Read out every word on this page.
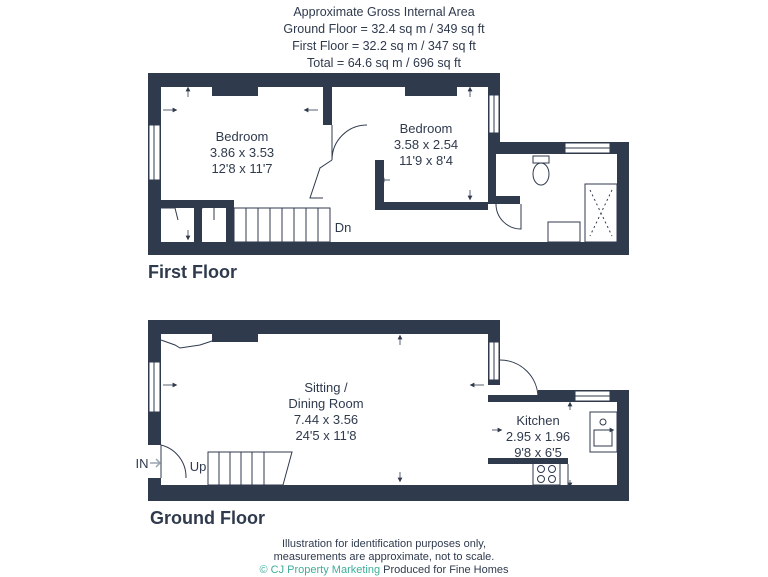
Approximate Gross Internal Area
Ground Floor = 32.4 sq m / 349 sq ft
First Floor = 32.2 sq m / 347 sq ft
Total = 64.6 sq m / 696 sq ft
Bedroom
3.86 x 3.53
12'8 x 11'7
Bedroom
3.58 x 2.54
11'9 x 8'4
Dn
Sitting /
Dining Room
7.44 x 3.56
24'5 x 11'8
Kitchen
2.95 x 1.96
9'8 x 6'5
IN	Up
First Floor
Ground Floor
Illustration for identification purposes only,
measurements are approximate, not to scale.
© CJ Property Marketing Produced for Fine Homes
